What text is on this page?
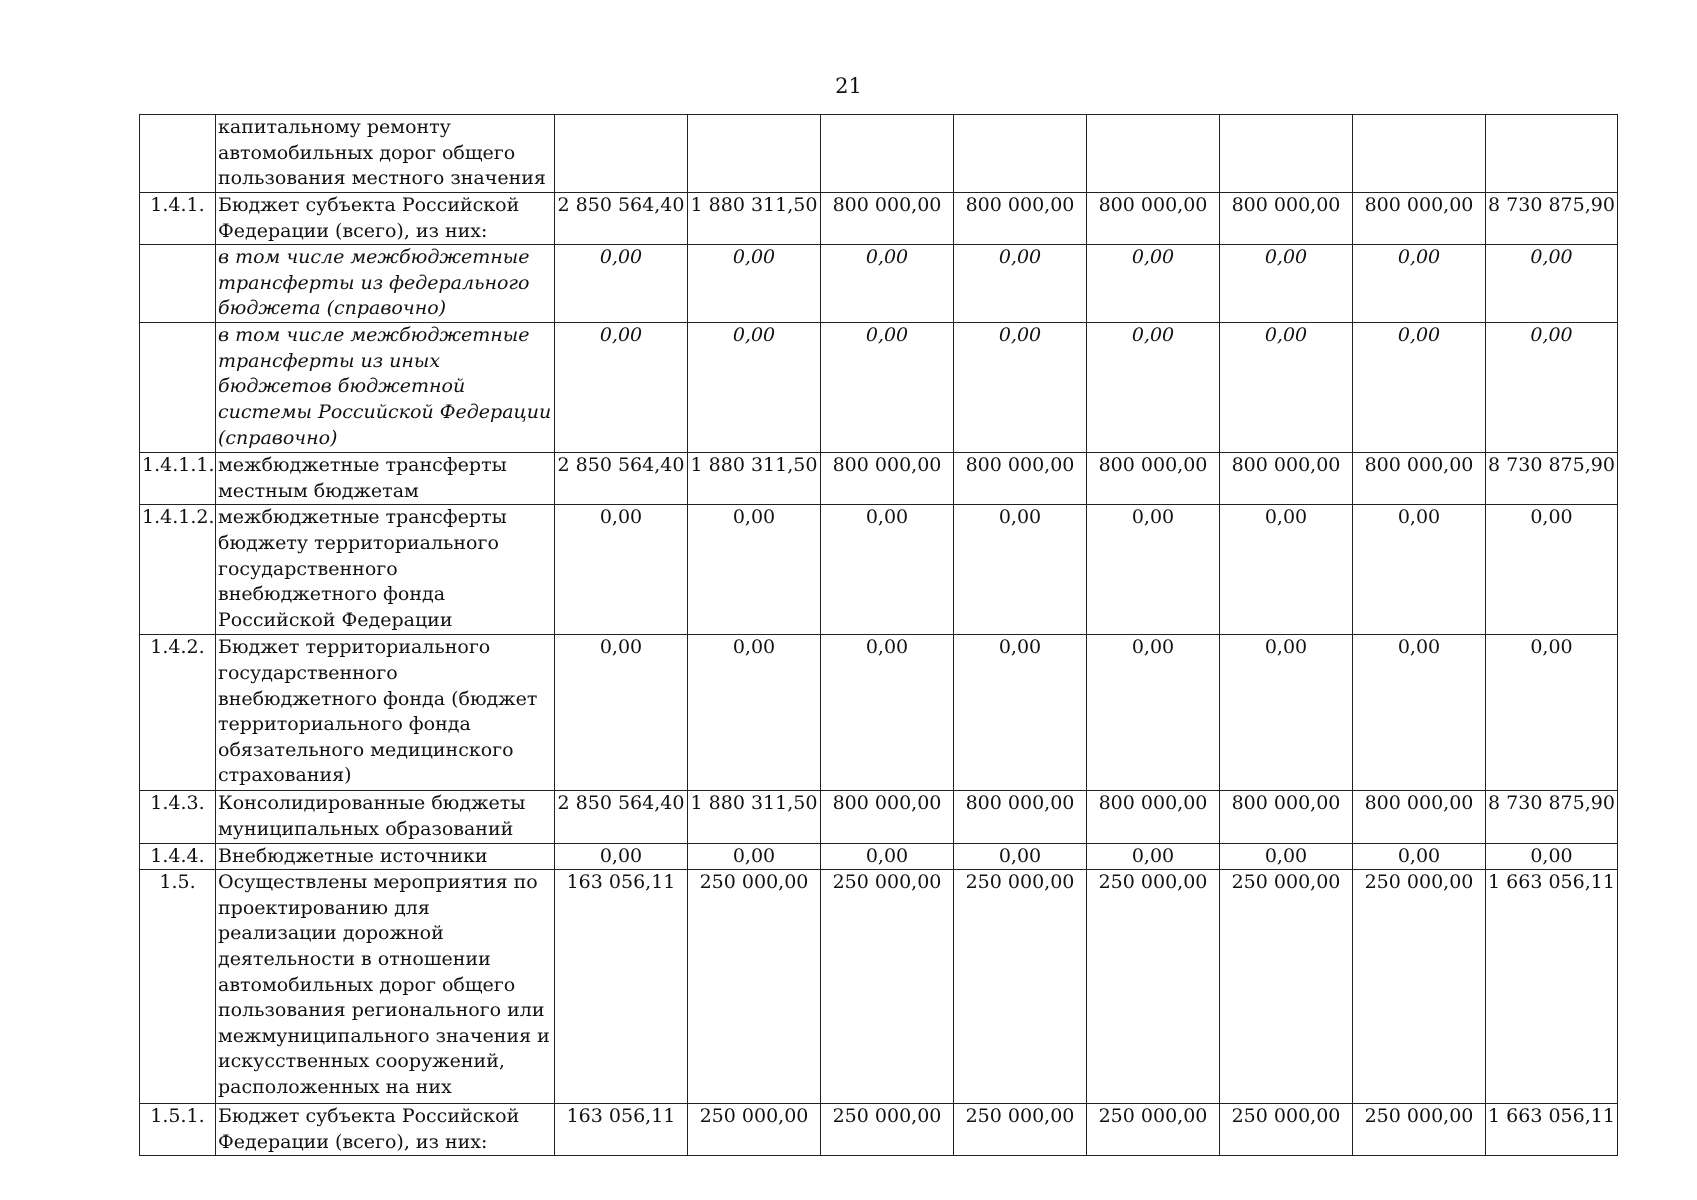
21
	капитальному ремонту автомобильных дорог общего пользования местного значения								
1.4.1.	Бюджет субъекта Российской Федерации (всего), из них:	2 850 564,40	1 880 311,50	800 000,00	800 000,00	800 000,00	800 000,00	800 000,00	8 730 875,90
	в том числе межбюджетные трансферты из федерального бюджета (справочно)	0,00	0,00	0,00	0,00	0,00	0,00	0,00	0,00
	в том числе межбюджетные трансферты из иных бюджетов бюджетной системы Российской Федерации (справочно)	0,00	0,00	0,00	0,00	0,00	0,00	0,00	0,00
1.4.1.1.	межбюджетные трансферты местным бюджетам	2 850 564,40	1 880 311,50	800 000,00	800 000,00	800 000,00	800 000,00	800 000,00	8 730 875,90
1.4.1.2.	межбюджетные трансферты бюджету территориального государственного внебюджетного фонда Российской Федерации	0,00	0,00	0,00	0,00	0,00	0,00	0,00	0,00
1.4.2.	Бюджет территориального государственного внебюджетного фонда (бюджет территориального фонда обязательного медицинского страхования)	0,00	0,00	0,00	0,00	0,00	0,00	0,00	0,00
1.4.3.	Консолидированные бюджеты муниципальных образований	2 850 564,40	1 880 311,50	800 000,00	800 000,00	800 000,00	800 000,00	800 000,00	8 730 875,90
1.4.4.	Внебюджетные источники	0,00	0,00	0,00	0,00	0,00	0,00	0,00	0,00
1.5.	Осуществлены мероприятия по проектированию для реализации дорожной деятельности в отношении автомобильных дорог общего пользования регионального или межмуниципального значения и искусственных сооружений, расположенных на них	163 056,11	250 000,00	250 000,00	250 000,00	250 000,00	250 000,00	250 000,00	1 663 056,11
1.5.1.	Бюджет субъекта Российской Федерации (всего), из них:	163 056,11	250 000,00	250 000,00	250 000,00	250 000,00	250 000,00	250 000,00	1 663 056,11
